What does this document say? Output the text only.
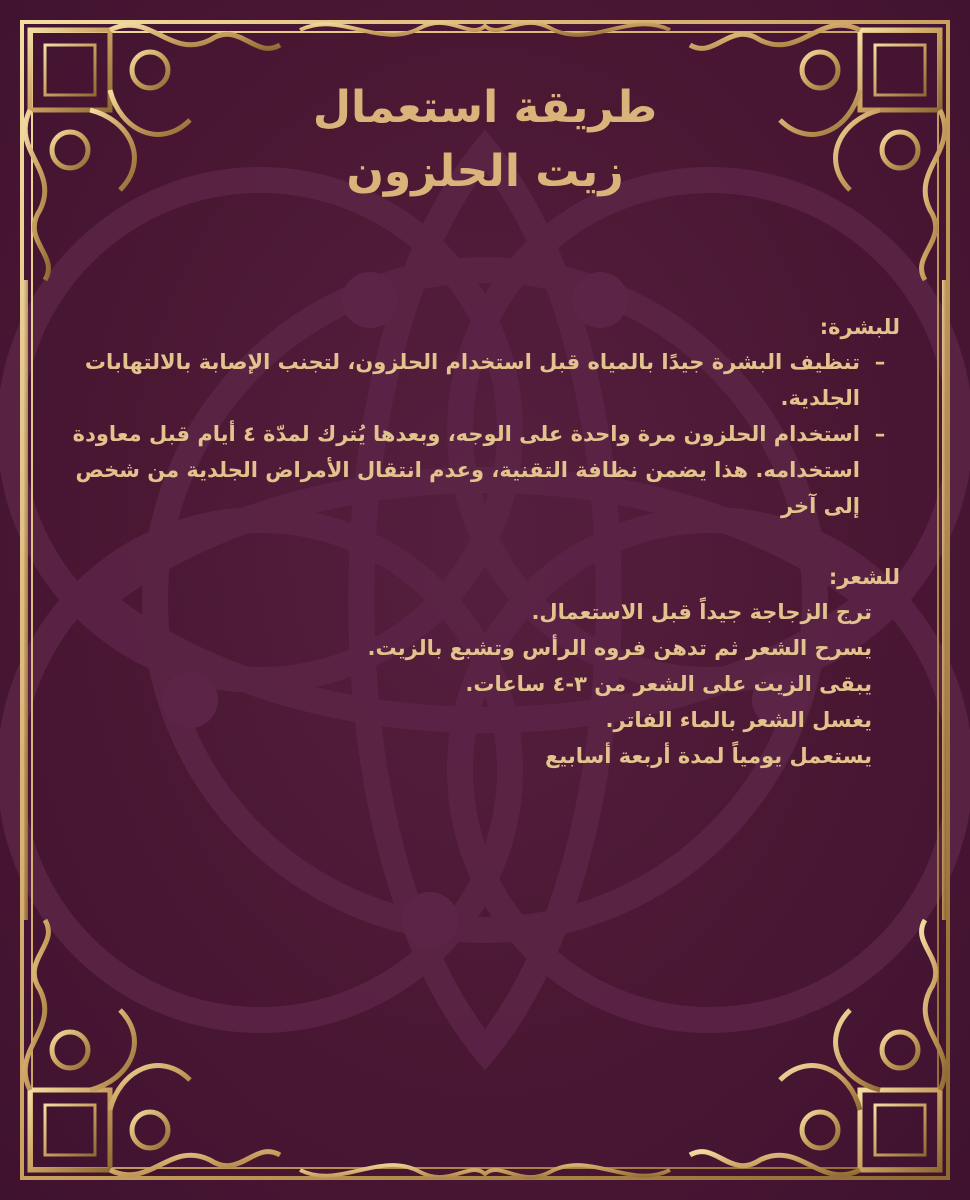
طريقة استعمال
زيت الحلزون
للبشرة:
–
تنظيف البشرة جيدًا بالمياه قبل استخدام الحلزون، لتجنب الإصابة بالالتهابات الجلدية.
–
استخدام الحلزون مرة واحدة على الوجه، وبعدها يُترك لمدّة ٤ أيام قبل معاودة استخدامه. هذا يضمن نظافة التقنية، وعدم انتقال الأمراض الجلدية من شخص إلى آخر
للشعر:
ترج الزجاجة جيداً قبل الاستعمال.
يسرح الشعر ثم تدهن فروه الرأس وتشبع بالزيت.
يبقى الزيت على الشعر من ٣-٤ ساعات.
يغسل الشعر بالماء الفاتر.
يستعمل يومياً لمدة أربعة أسابيع
